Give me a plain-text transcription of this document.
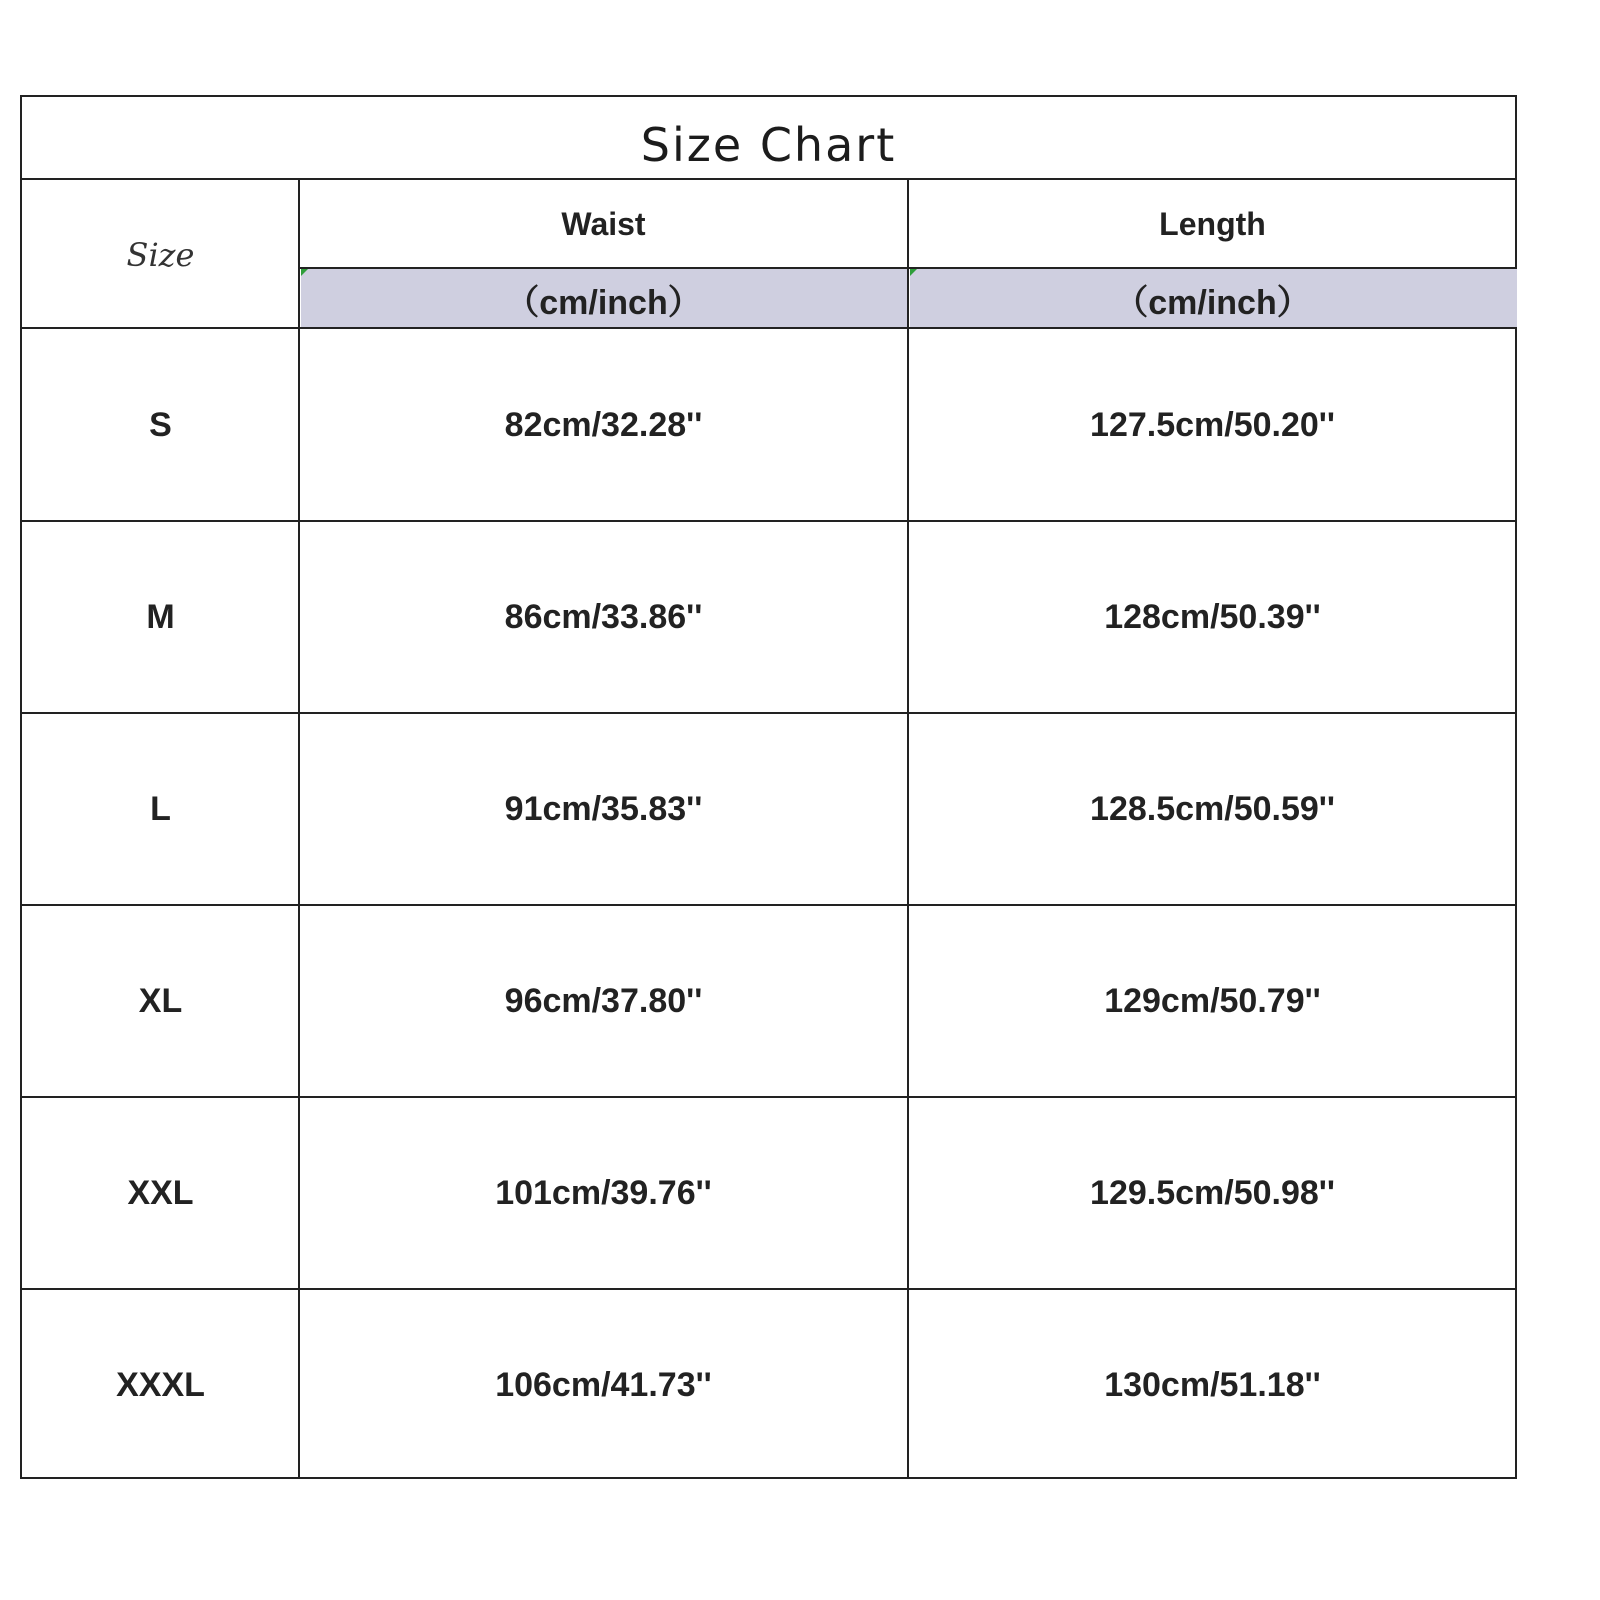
Size Chart
Size
Waist	Length
（cm/inch）	（cm/inch）
S	82cm/32.28''	127.5cm/50.20''
M	86cm/33.86''	128cm/50.39''
L	91cm/35.83''	128.5cm/50.59''
XL	96cm/37.80''	129cm/50.79''
XXL	101cm/39.76''	129.5cm/50.98''
XXXL	106cm/41.73''	130cm/51.18''
